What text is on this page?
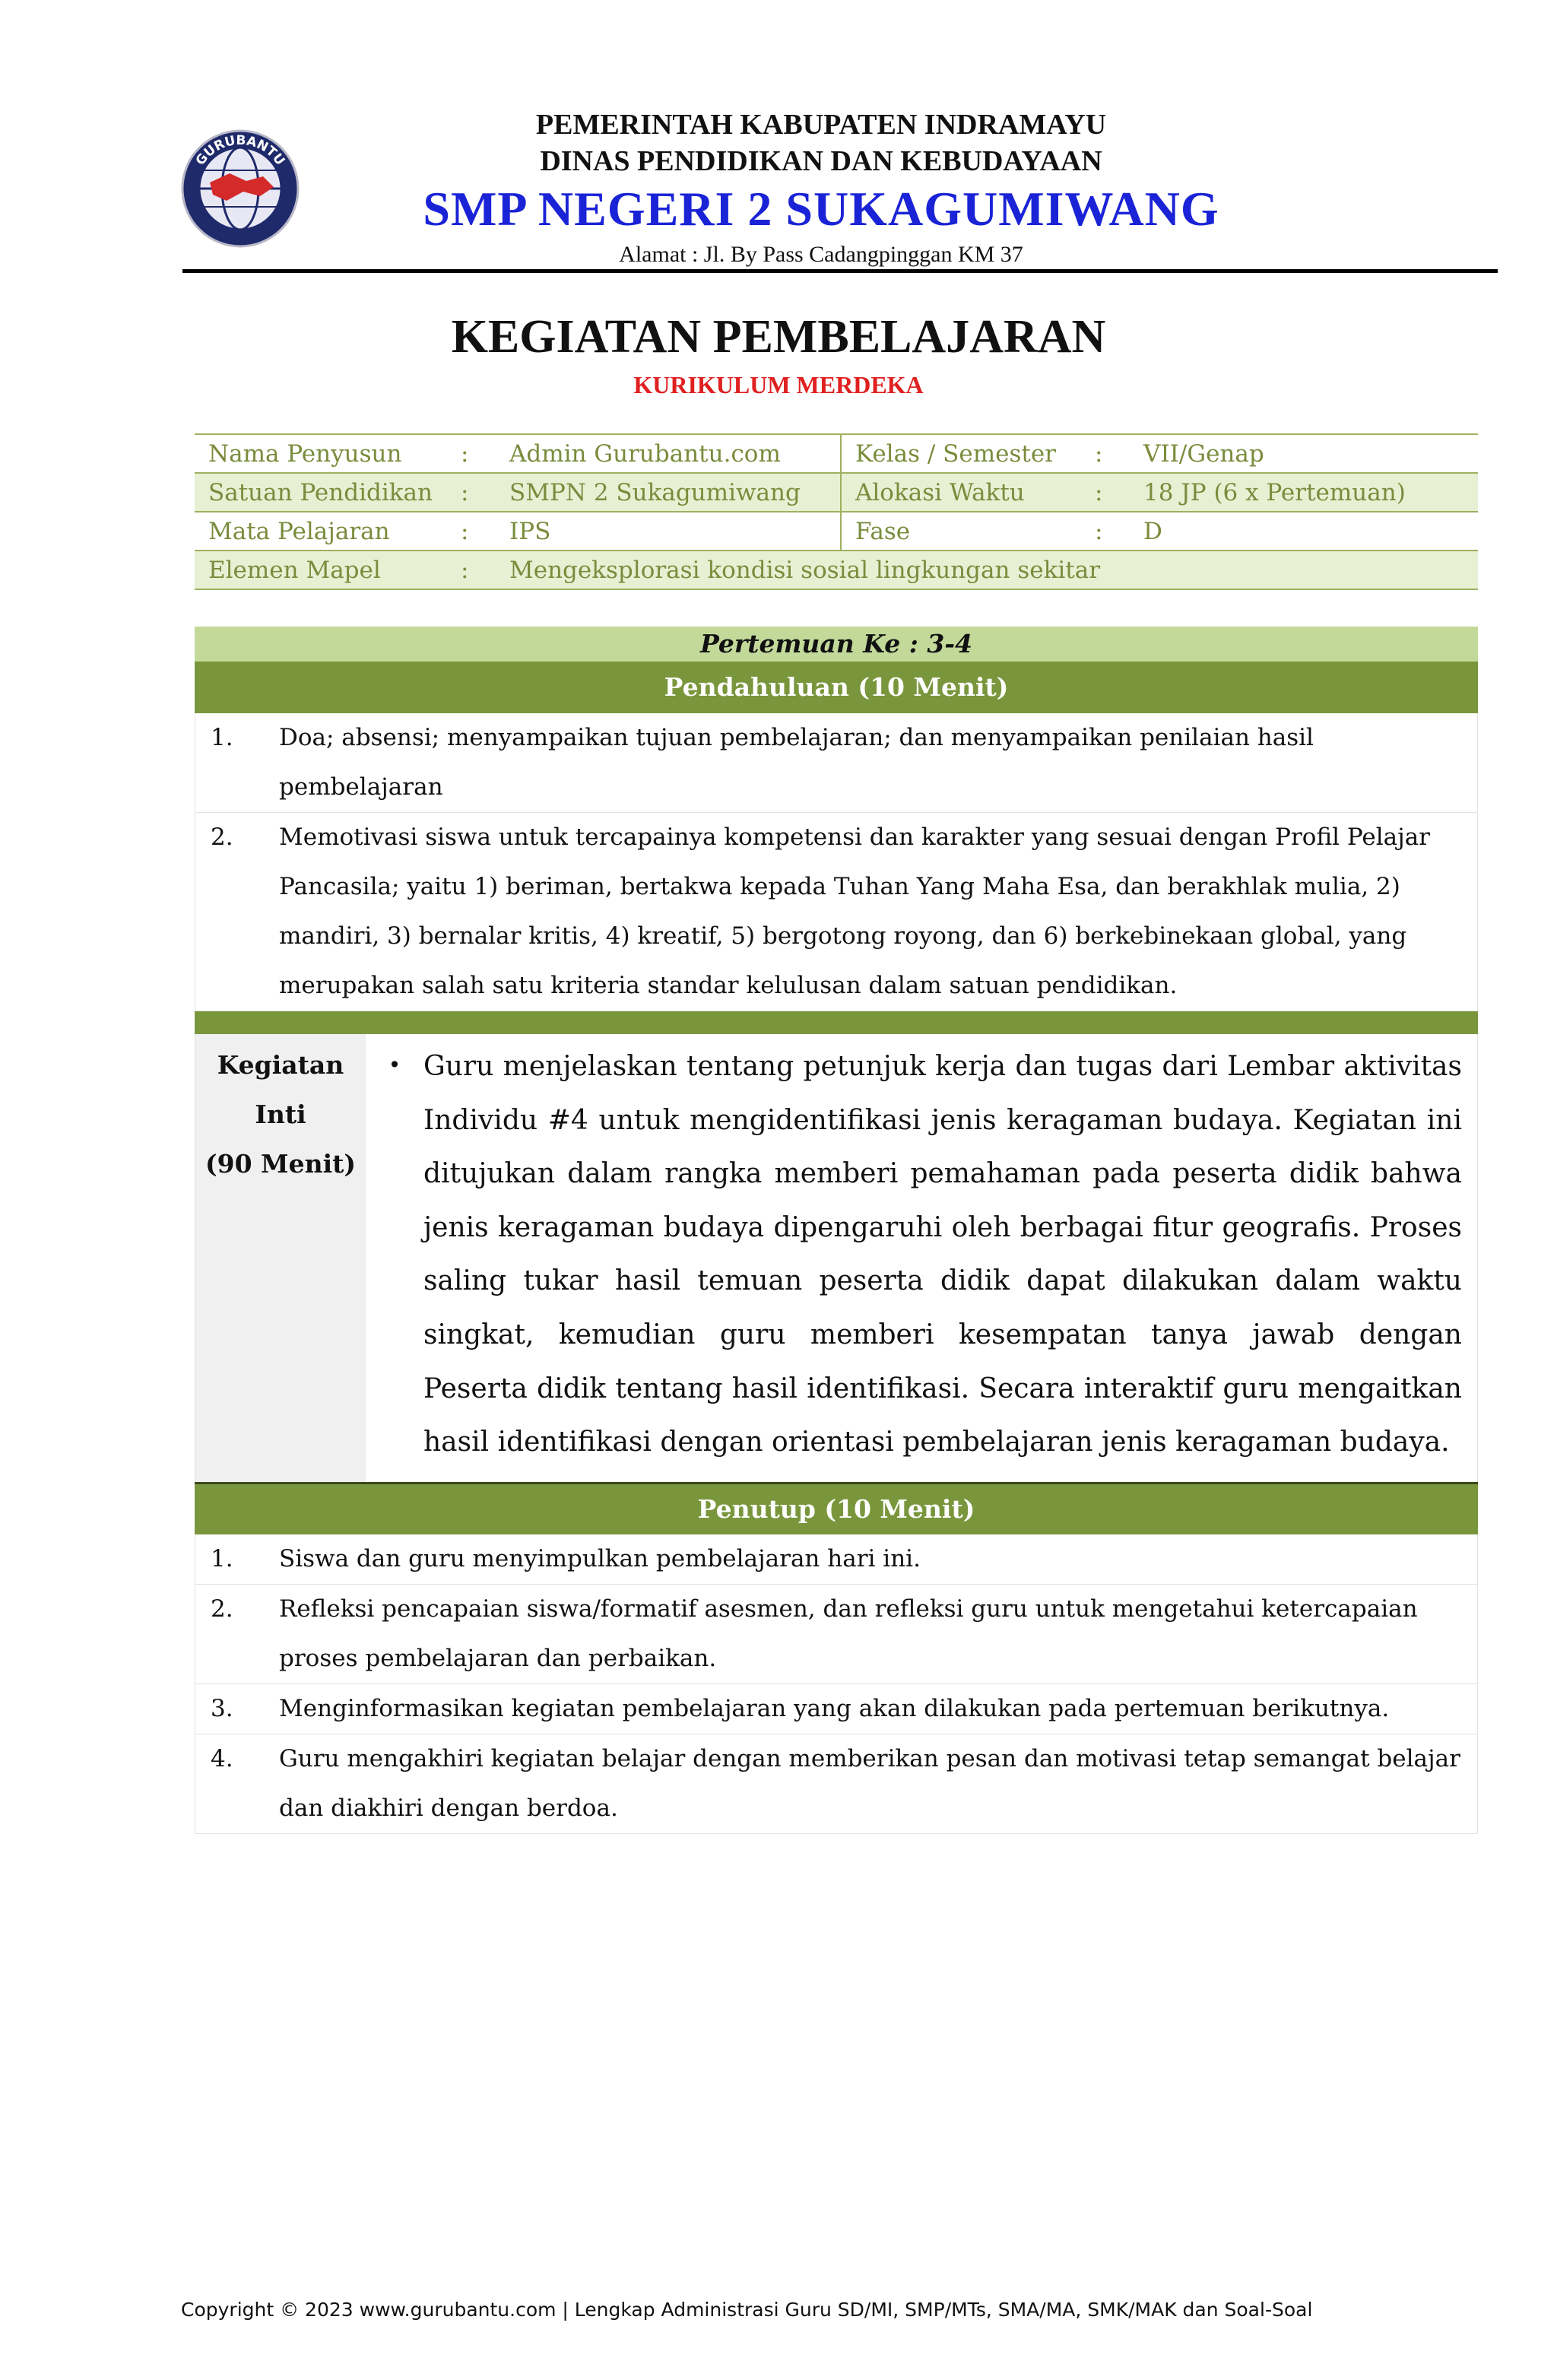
GURUBANTU
PEMERINTAH KABUPATEN INDRAMAYU
DINAS PENDIDIKAN DAN KEBUDAYAAN
SMP NEGERI 2 SUKAGUMIWANG
Alamat : Jl. By Pass Cadangpinggan KM 37
KEGIATAN PEMBELAJARAN
KURIKULUM MERDEKA
Nama Penyusun	:	Admin Gurubantu.com	Kelas / Semester	:	VII/Genap
Satuan Pendidikan	:	SMPN 2 Sukagumiwang	Alokasi Waktu	:	18 JP (6 x Pertemuan)
Mata Pelajaran	:	IPS	Fase	:	D
Elemen Mapel	:	Mengeksplorasi kondisi sosial lingkungan sekitar			
Pertemuan Ke : 3-4
Pendahuluan (10 Menit)
1.	Doa; absensi; menyampaikan tujuan pembelajaran; dan menyampaikan penilaian hasil pembelajaran
2.	Memotivasi siswa untuk tercapainya kompetensi dan karakter yang sesuai dengan Profil Pelajar Pancasila; yaitu 1) beriman, bertakwa kepada Tuhan Yang Maha Esa, dan berakhlak mulia, 2) mandiri, 3) bernalar kritis, 4) kreatif, 5) bergotong royong, dan 6) berkebinekaan global, yang merupakan salah satu kriteria standar kelulusan dalam satuan pendidikan.
Kegiatan
Inti
(90 Menit)
• Guru menjelaskan tentang petunjuk kerja dan tugas dari Lembar aktivitas Individu #4 untuk mengidentifikasi jenis keragaman budaya. Kegiatan ini ditujukan dalam rangka memberi pemahaman pada peserta didik bahwa jenis keragaman budaya dipengaruhi oleh berbagai fitur geografis. Proses saling tukar hasil temuan peserta didik dapat dilakukan dalam waktu singkat, kemudian guru memberi kesempatan tanya jawab dengan Peserta didik tentang hasil identifikasi. Secara interaktif guru mengaitkan hasil identifikasi dengan orientasi pembelajaran jenis keragaman budaya.
Penutup (10 Menit)
1.	Siswa dan guru menyimpulkan pembelajaran hari ini.
2.	Refleksi pencapaian siswa/formatif asesmen, dan refleksi guru untuk mengetahui ketercapaian proses pembelajaran dan perbaikan.
3.	Menginformasikan kegiatan pembelajaran yang akan dilakukan pada pertemuan berikutnya.
4.	Guru mengakhiri kegiatan belajar dengan memberikan pesan dan motivasi tetap semangat belajar dan diakhiri dengan berdoa.
Copyright © 2023 www.gurubantu.com | Lengkap Administrasi Guru SD/MI, SMP/MTs, SMA/MA, SMK/MAK dan Soal-Soal
